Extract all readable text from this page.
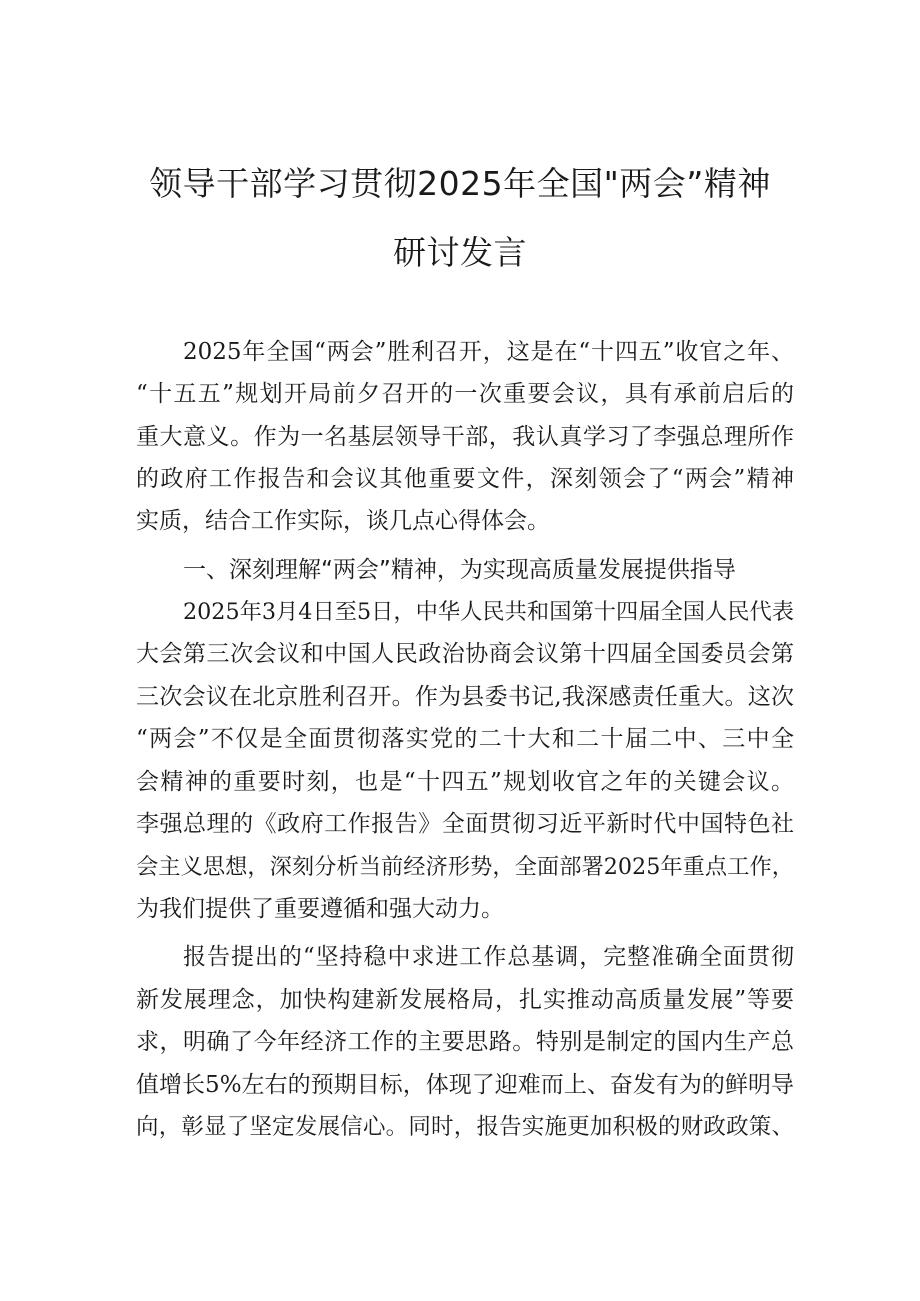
领导干部学习贯彻2025年全国"两会”精神
研讨发言
2025年全国“两会”胜利召开，这是在“十四五”收官之年、
“十五五”规划开局前夕召开的一次重要会议，具有承前启后的
重大意义。作为一名基层领导干部，我认真学习了李强总理所作
的政府工作报告和会议其他重要文件，深刻领会了“两会”精神
实质，结合工作实际，谈几点心得体会。
一、深刻理解“两会”精神，为实现高质量发展提供指导
2025年3月4日至5日，中华人民共和国第十四届全国人民代表
大会第三次会议和中国人民政治协商会议第十四届全国委员会第
三次会议在北京胜利召开。作为县委书记,我深感责任重大。这次
“两会”不仅是全面贯彻落实党的二十大和二十届二中、三中全
会精神的重要时刻，也是“十四五”规划收官之年的关键会议。
李强总理的《政府工作报告》全面贯彻习近平新时代中国特色社
会主义思想，深刻分析当前经济形势，全面部署2025年重点工作，
为我们提供了重要遵循和强大动力。
报告提出的“坚持稳中求进工作总基调，完整准确全面贯彻
新发展理念，加快构建新发展格局，扎实推动高质量发展”等要
求，明确了今年经济工作的主要思路。特别是制定的国内生产总
值增长5%左右的预期目标，体现了迎难而上、奋发有为的鲜明导
向，彰显了坚定发展信心。同时，报告实施更加积极的财政政策、
